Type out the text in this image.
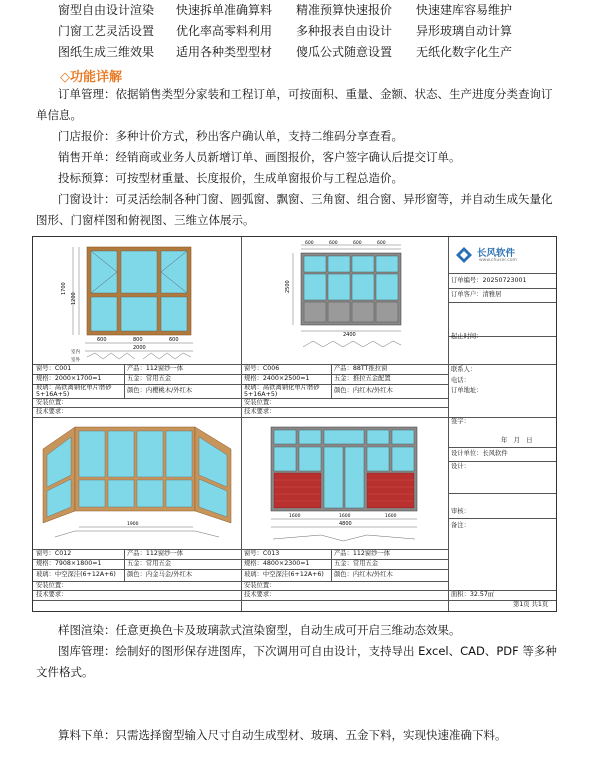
窗型自由设计渲染 快速拆单准确算料 精准预算快速报价 快速建库容易维护
门窗工艺灵活设置 优化率高零料利用 多种报表自由设计 异形玻璃自动计算
图纸生成三维效果 适用各种类型型材 傻瓜公式随意设置 无纸化数字化生产
◇功能详解
订单管理：依据销售类型分家装和工程订单，可按面积、重量、金额、状态、生产进度分类查询订单信息。
门店报价：多种计价方式，秒出客户确认单，支持二维码分享查看。
销售开单：经销商或业务人员新增订单、画图报价，客户签字确认后提交订单。
投标预算：可按型材重量、长度报价，生成单窗报价与工程总造价。
门窗设计：可灵活绘制各种门窗、圆弧窗、飘窗、三角窗、组合窗、异形窗等，并自动生成矢量化图形、门窗样图和俯视图、三维立体展示。
600	800	600
2000
1700
1200
室内
室外
600	600	600	600
2400
2500
1900
1600	1600	1600
4800
窗号：C001	产品：112窗纱一体
规格：2000×1700=1	五金：常用五金
玻璃：高铁离钢化单片磨砂5+16A+5)
颜色：内樱桃木/外红木
安装位置：
技术要求：
窗号：C006	产品：88TT推拉窗
规格：2400×2500=1	五金：推拉五金配置
玻璃：高铁离钢化单片磨砂5+16A+5)
颜色：内红木/外红木
安装位置：
技术要求：
窗号：C012	产品：112窗纱一体
规格：7908×1800=1	五金：常用五金
玻璃：中空深洼(6+12A+6) 颜色：内金马金/外红木
安装位置：
技术要求：
窗号：C013	产品：112窗纱一体
规格：4800×2300=1	五金：常用五金
玻璃：中空深洼(6+12A+6) 颜色：内红木/外红木
安装位置：
技术要求：
长风软件
www.chuser.com
订单编号：20250723001
订单客户：清雅居
起止时间：
联系人：
电话：
订单地址：
签字：
年　月　日
设计单位：长风软件
设计：
审核：
备注：
面积：32.57㎡
第1页 共1页
样图渲染：任意更换色卡及玻璃款式渲染窗型，自动生成可开启三维动态效果。
图库管理：绘制好的图形保存进图库，下次调用可自由设计，支持导出 Excel、CAD、PDF 等多种文件格式。
算料下单：只需选择窗型输入尺寸自动生成型材、玻璃、五金下料，实现快速准确下料。
